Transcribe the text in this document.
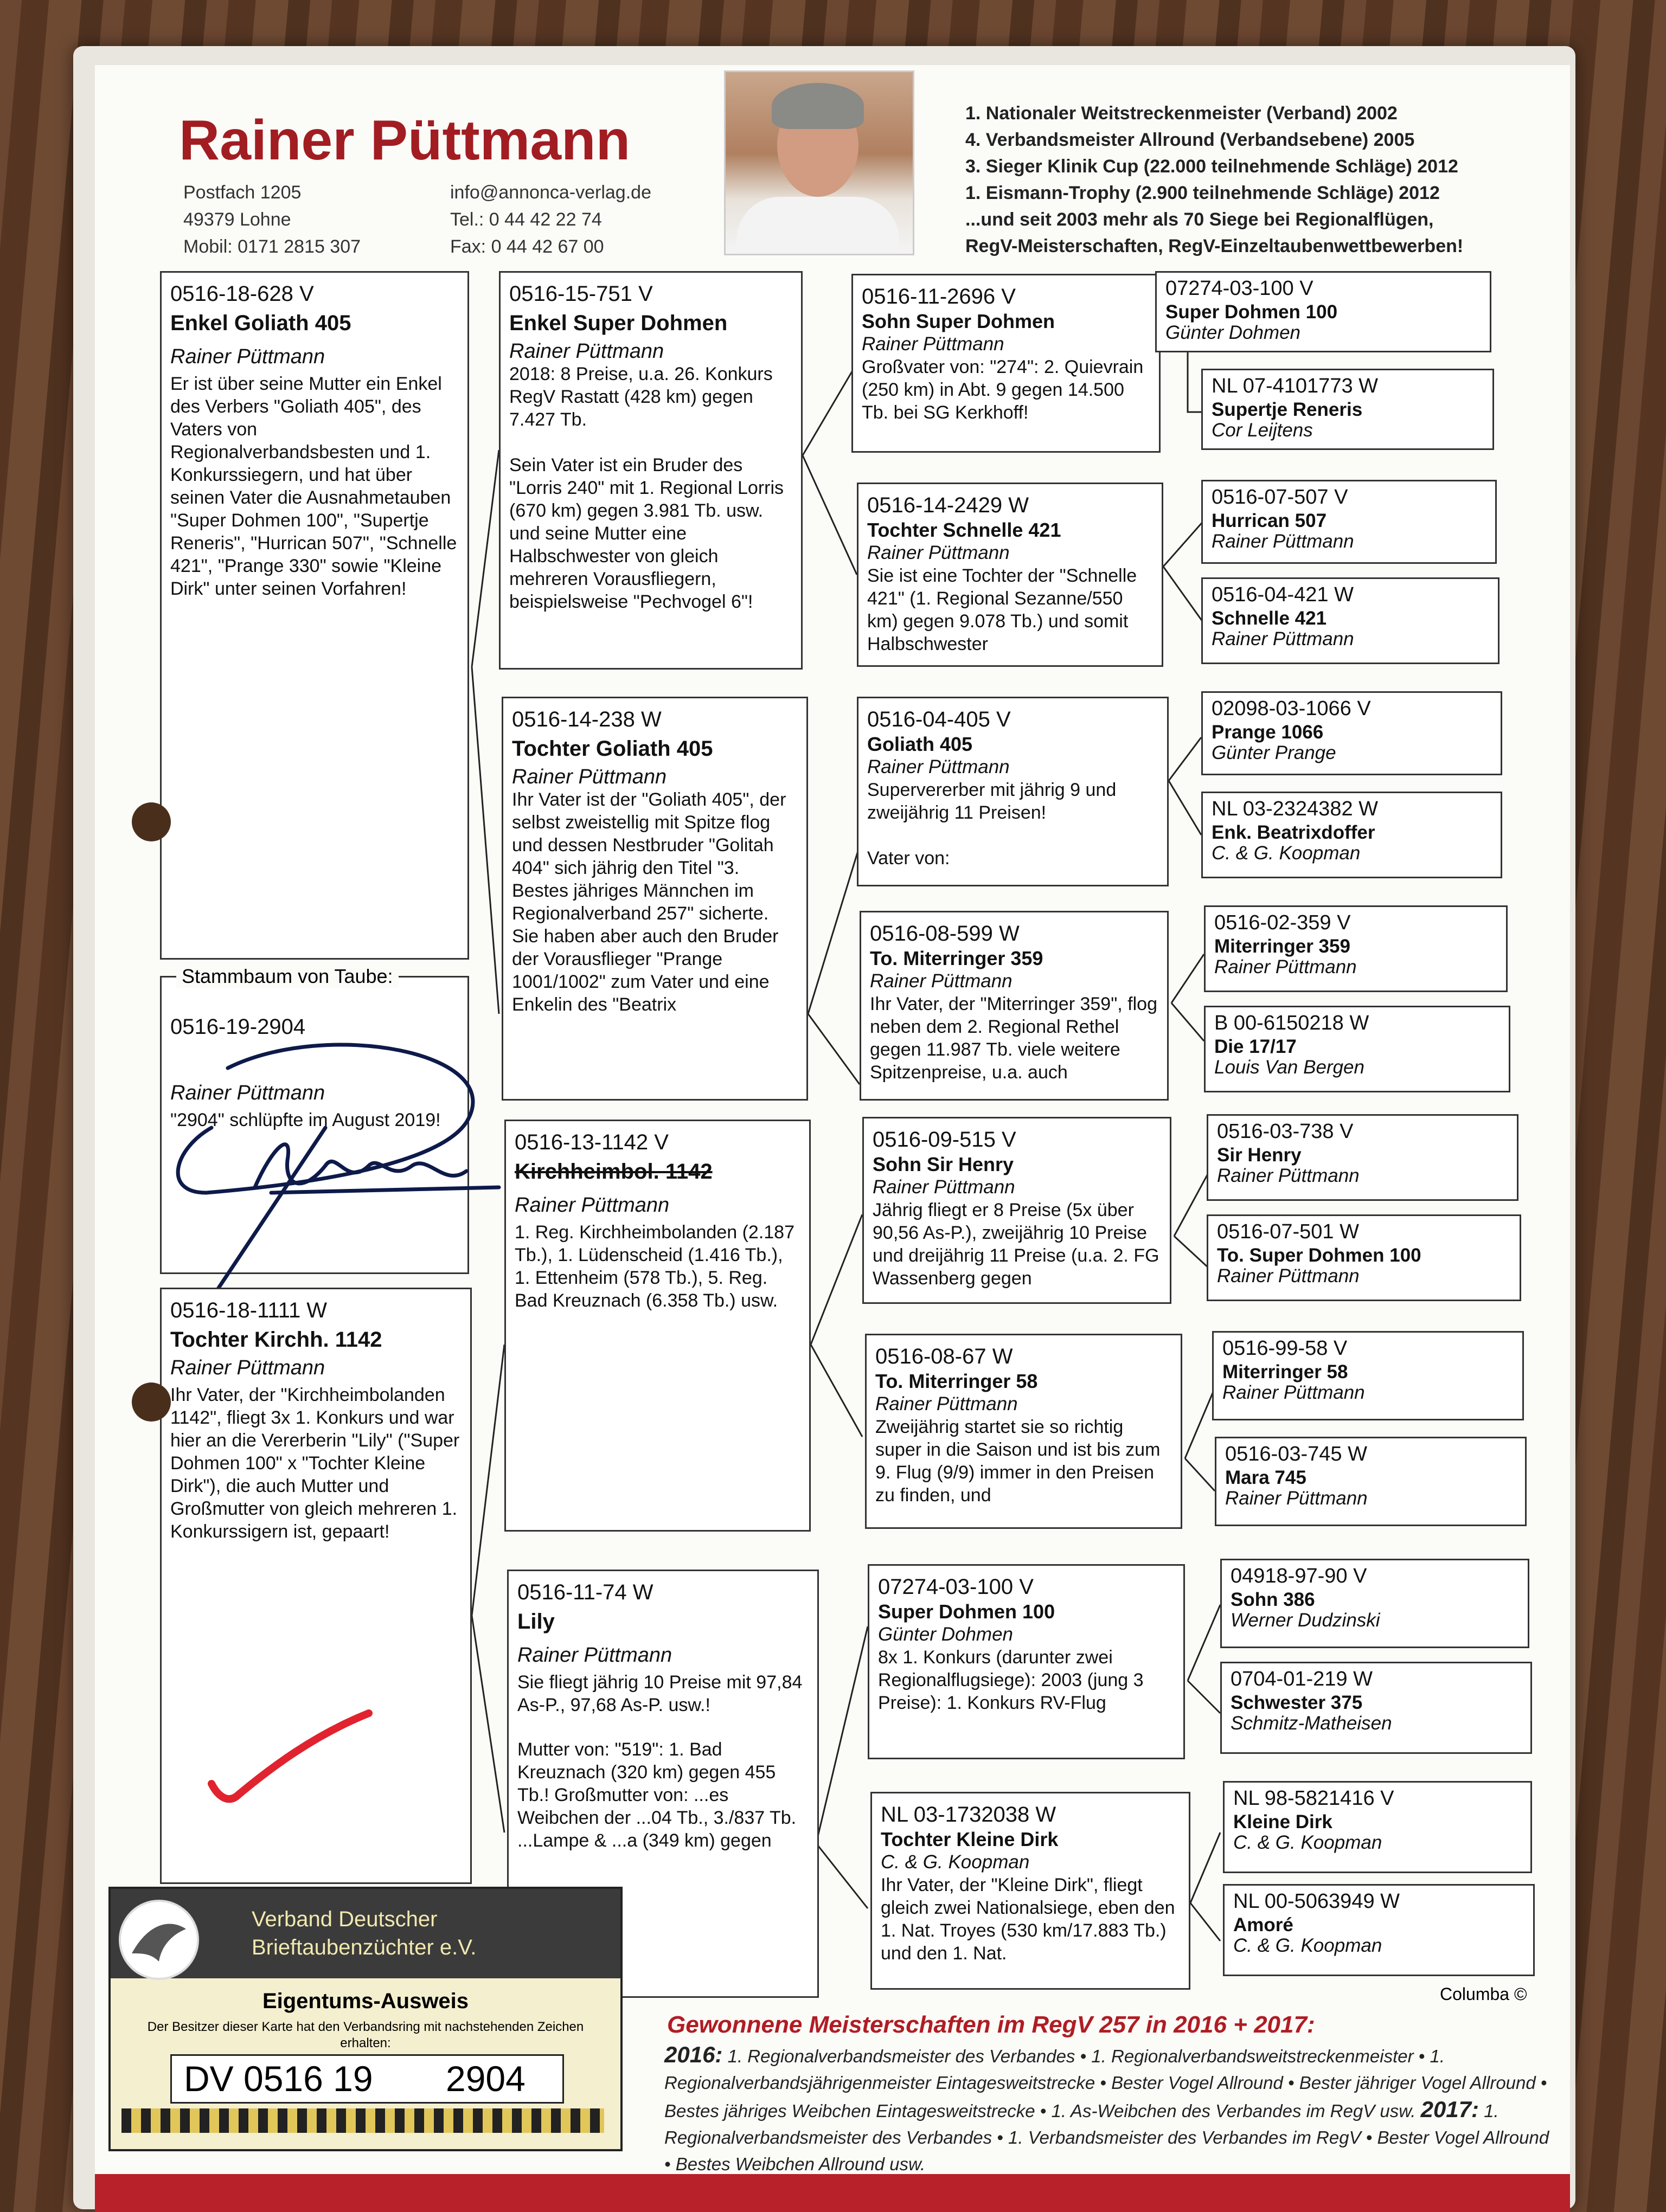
Rainer Püttmann
Postfach 1205
49379 Lohne
Mobil: 0171 2815 307
info@annonca-verlag.de
Tel.: 0 44 42 22 74
Fax: 0 44 42 67 00
1. Nationaler Weitstreckenmeister (Verband) 2002
4. Verbandsmeister Allround (Verbandsebene) 2005
3. Sieger Klinik Cup (22.000 teilnehmende Schläge) 2012
1. Eismann-Trophy (2.900 teilnehmende Schläge) 2012
...und seit 2003 mehr als 70 Siege bei Regionalflügen,
RegV-Meisterschaften, RegV-Einzeltaubenwettbewerben!
0516-18-628 V
Enkel Goliath 405
Rainer Püttmann
Er ist über seine Mutter ein Enkel des Verbers "Goliath 405", des Vaters von Regionalverbandsbesten und 1. Konkurssiegern, und hat über seinen Vater die Ausnahmetauben "Super Dohmen 100", "Supertje Reneris", "Hurrican 507", "Schnelle 421", "Prange 330" sowie "Kleine Dirk" unter seinen Vorfahren!
0516-19-2904
Rainer Püttmann
"2904" schlüpfte im August 2019!
Stammbaum von Taube:
0516-18-1111 W
Tochter Kirchh. 1142
Rainer Püttmann
Ihr Vater, der "Kirchheimbolanden 1142", fliegt 3x 1. Konkurs und war hier an die Vererberin "Lily" ("Super Dohmen 100" x "Tochter Kleine Dirk"), die auch Mutter und Großmutter von gleich mehreren 1. Konkurssigern ist, gepaart!
0516-15-751 V
Enkel Super Dohmen
Rainer Püttmann
2018: 8 Preise, u.a. 26. Konkurs RegV Rastatt (428 km) gegen 7.427 Tb.
Sein Vater ist ein Bruder des "Lorris 240" mit 1. Regional Lorris (670 km) gegen 3.981 Tb. usw. und seine Mutter eine Halbschwester von gleich mehreren Vorausfliegern, beispielsweise "Pechvogel 6"!
0516-14-238 W
Tochter Goliath 405
Rainer Püttmann
Ihr Vater ist der "Goliath 405", der selbst zweistellig mit Spitze flog und dessen Nestbruder "Golitah 404" sich jährig den Titel "3. Bestes jähriges Männchen im Regionalverband 257" sicherte. Sie haben aber auch den Bruder der Vorausflieger "Prange 1001/1002" zum Vater und eine Enkelin des "Beatrix
0516-13-1142 V
Kirchheimbol. 1142
Rainer Püttmann
1. Reg. Kirchheimbolanden (2.187 Tb.), 1. Lüdenscheid (1.416 Tb.), 1. Ettenheim (578 Tb.), 5. Reg. Bad Kreuznach (6.358 Tb.) usw.
0516-11-74 W
Lily
Rainer Püttmann
Sie fliegt jährig 10 Preise mit 97,84 As-P., 97,68 As-P. usw.!
Mutter von: "519": 1. Bad Kreuznach (320 km) gegen 455 Tb.! Großmutter von: ...es Weibchen der ...04 Tb., 3./837 Tb. ...Lampe & ...a (349 km) gegen
0516-11-2696 V
Sohn Super Dohmen
Rainer Püttmann
Großvater von: "274": 2. Quievrain (250 km) in Abt. 9 gegen 14.500 Tb. bei SG Kerkhoff!
0516-14-2429 W
Tochter Schnelle 421
Rainer Püttmann
Sie ist eine Tochter der "Schnelle 421" (1. Regional Sezanne/550 km) gegen 9.078 Tb.) und somit Halbschwester
0516-04-405 V
Goliath 405
Rainer Püttmann
Supervererber mit jährig 9 und zweijährig 11 Preisen!
Vater von:
0516-08-599 W
To. Miterringer 359
Rainer Püttmann
Ihr Vater, der "Miterringer 359", flog neben dem 2. Regional Rethel gegen 11.987 Tb. viele weitere Spitzenpreise, u.a. auch
0516-09-515 V
Sohn Sir Henry
Rainer Püttmann
Jährig fliegt er 8 Preise (5x über 90,56 As-P.), zweijährig 10 Preise und dreijährig 11 Preise (u.a. 2. FG Wassenberg gegen
0516-08-67 W
To. Miterringer 58
Rainer Püttmann
Zweijährig startet sie so richtig super in die Saison und ist bis zum 9. Flug (9/9) immer in den Preisen zu finden, und
07274-03-100 V
Super Dohmen 100
Günter Dohmen
8x 1. Konkurs (darunter zwei Regionalflugsiege): 2003 (jung 3 Preise): 1. Konkurs RV-Flug
NL 03-1732038 W
Tochter Kleine Dirk
C. & G. Koopman
Ihr Vater, der "Kleine Dirk", fliegt gleich zwei Nationalsiege, eben den 1. Nat. Troyes (530 km/17.883 Tb.) und den 1. Nat.
07274-03-100 V
Super Dohmen 100
Günter Dohmen
NL 07-4101773 W
Supertje Reneris
Cor Leijtens
0516-07-507 V
Hurrican 507
Rainer Püttmann
0516-04-421 W
Schnelle 421
Rainer Püttmann
02098-03-1066 V
Prange 1066
Günter Prange
NL 03-2324382 W
Enk. Beatrixdoffer
C. & G. Koopman
0516-02-359 V
Miterringer 359
Rainer Püttmann
B 00-6150218 W
Die 17/17
Louis Van Bergen
0516-03-738 V
Sir Henry
Rainer Püttmann
0516-07-501 W
To. Super Dohmen 100
Rainer Püttmann
0516-99-58 V
Miterringer 58
Rainer Püttmann
0516-03-745 W
Mara 745
Rainer Püttmann
04918-97-90 V
Sohn 386
Werner Dudzinski
0704-01-219 W
Schwester 375
Schmitz-Matheisen
NL 98-5821416 V
Kleine Dirk
C. & G. Koopman
NL 00-5063949 W
Amoré
C. & G. Koopman
Verband Deutscher
Brieftaubenzüchter e.V.
Eigentums-Ausweis
Der Besitzer dieser Karte hat den Verbandsring mit nachstehenden Zeichen erhalten:
DV 0516 19 2904
Columba ©
Gewonnene Meisterschaften im RegV 257 in 2016 + 2017:
2016: 1. Regionalverbandsmeister des Verbandes • 1. Regionalverbandsweitstreckenmeister • 1. Regionalverbandsjährigenmeister Eintagesweitstrecke • Bester Vogel Allround • Bester jähriger Vogel Allround • Bestes jähriges Weibchen Eintagesweitstrecke • 1. As-Weibchen des Verbandes im RegV usw. 2017: 1. Regionalverbandsmeister des Verbandes • 1. Verbandsmeister des Verbandes im RegV • Bester Vogel Allround • Bestes Weibchen Allround usw.
